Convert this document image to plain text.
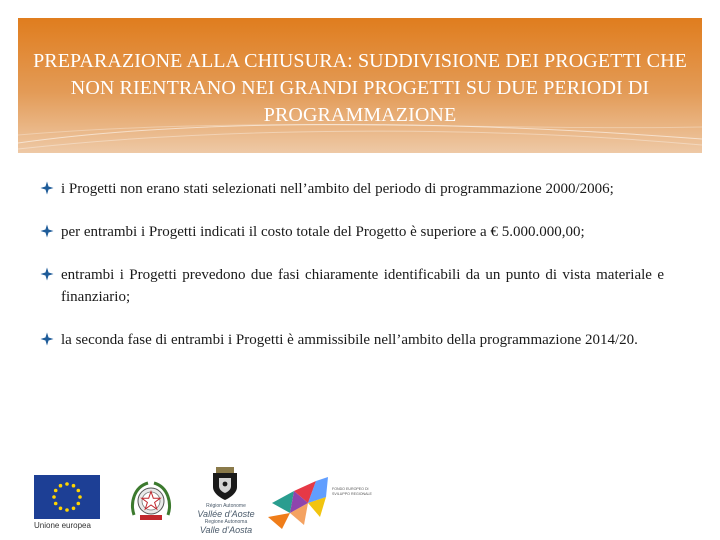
PREPARAZIONE ALLA CHIUSURA: SUDDIVISIONE DEI PROGETTI CHE NON RIENTRANO NEI GRANDI PROGETTI SU DUE PERIODI DI PROGRAMMAZIONE
i Progetti non erano stati selezionati nell’ambito del periodo di programmazione 2000/2006;
per entrambi i Progetti indicati il costo totale del Progetto è superiore a € 5.000.000,00;
entrambi i Progetti prevedono due fasi chiaramente identificabili da un punto di vista materiale e finanziario;
la seconda fase di entrambi i Progetti è ammissibile nell’ambito della programmazione 2014/20.
Unione europea
Région Autonome
Vallée d’Aoste
Regione Autonoma
Valle d’Aosta
FONDO EUROPEO DI SVILUPPO REGIONALE
